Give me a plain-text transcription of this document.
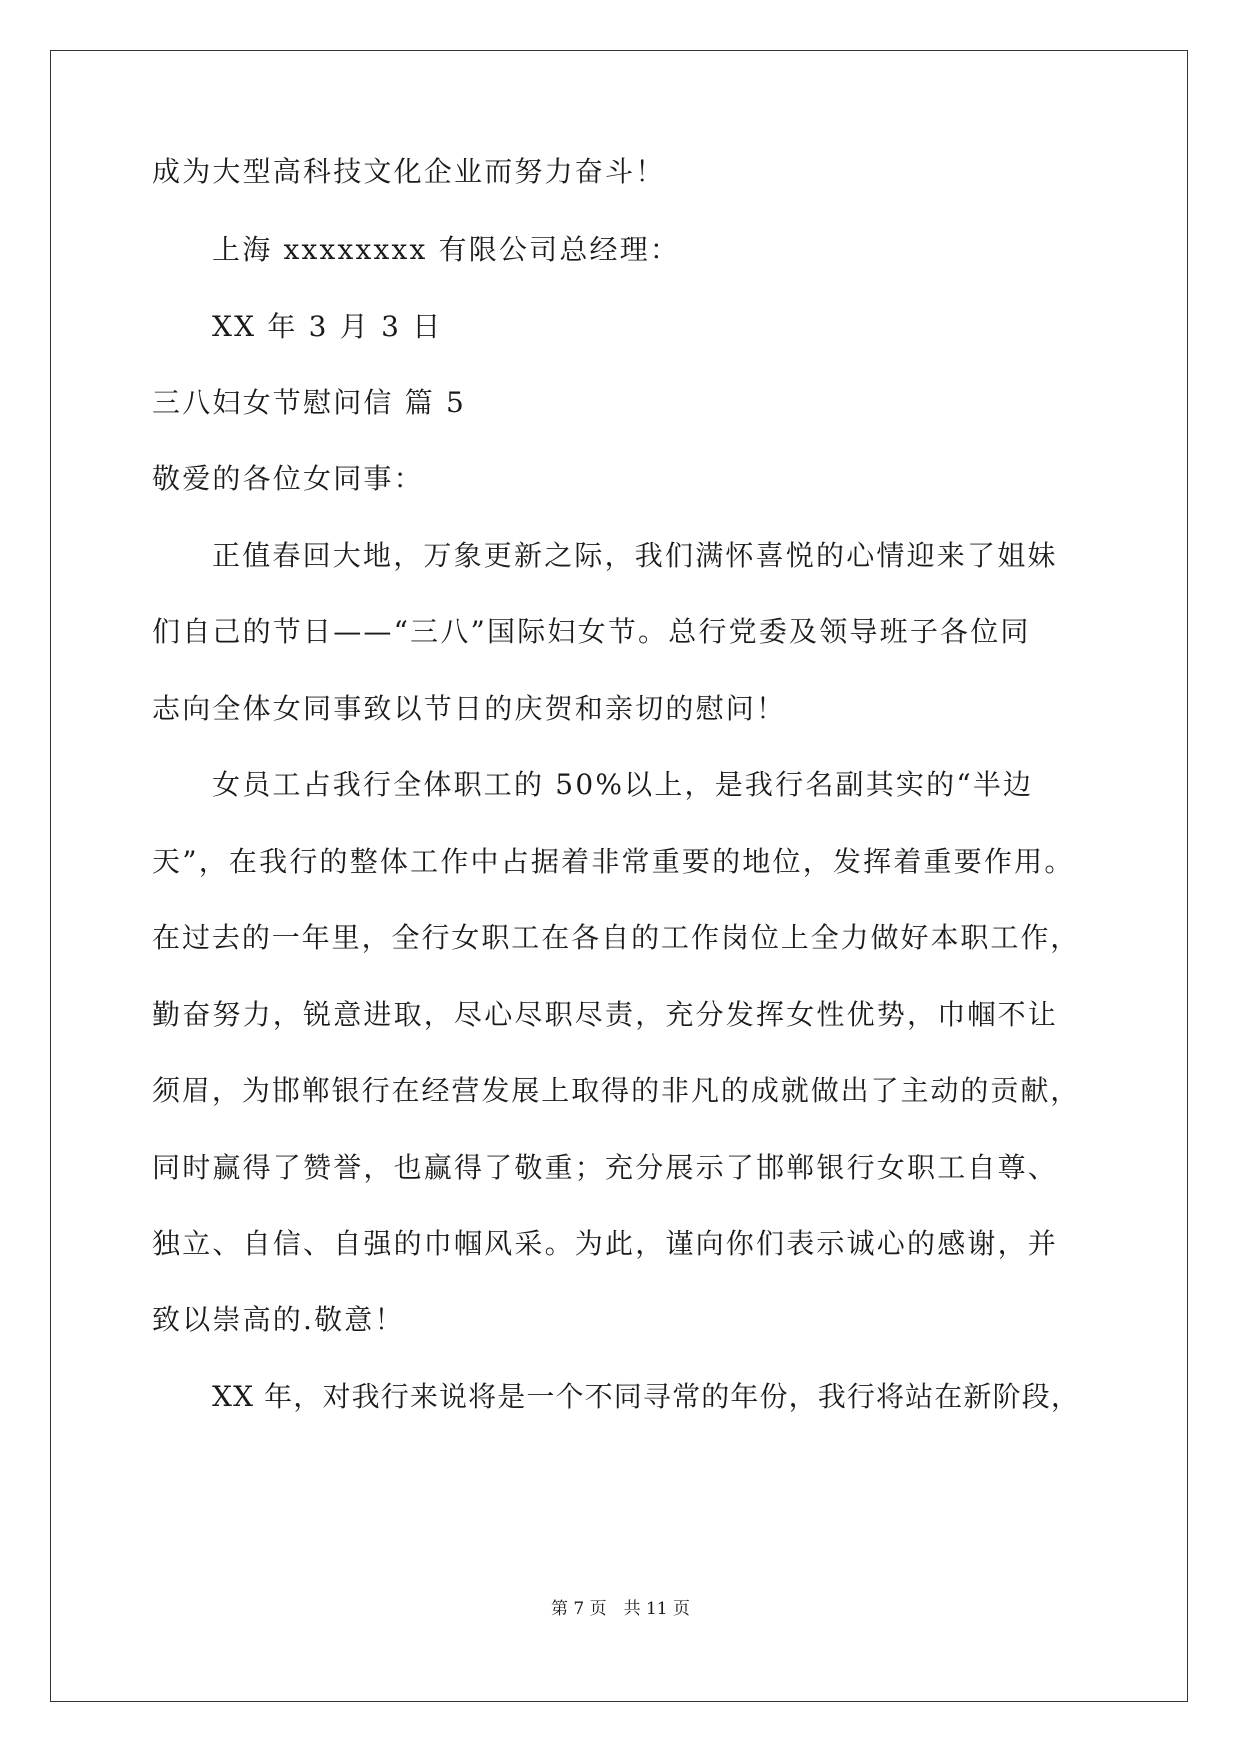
成为大型高科技文化企业而努力奋斗！
上海 xxxxxxxx 有限公司总经理：
XX 年 3 月 3 日
三八妇女节慰问信 篇 5
敬爱的各位女同事：
正值春回大地，万象更新之际，我们满怀喜悦的心情迎来了姐妹
们自己的节日——“三八”国际妇女节。总行党委及领导班子各位同
志向全体女同事致以节日的庆贺和亲切的慰问！
女员工占我行全体职工的 50%以上，是我行名副其实的“半边
天”，在我行的整体工作中占据着非常重要的地位，发挥着重要作用。
在过去的一年里，全行女职工在各自的工作岗位上全力做好本职工作，
勤奋努力，锐意进取，尽心尽职尽责，充分发挥女性优势，巾帼不让
须眉，为邯郸银行在经营发展上取得的非凡的成就做出了主动的贡献，
同时赢得了赞誉，也赢得了敬重；充分展示了邯郸银行女职工自尊、
独立、自信、自强的巾帼风采。为此，谨向你们表示诚心的感谢，并
致以崇高的.敬意！
XX 年，对我行来说将是一个不同寻常的年份，我行将站在新阶段，
第 7 页　共 11 页
